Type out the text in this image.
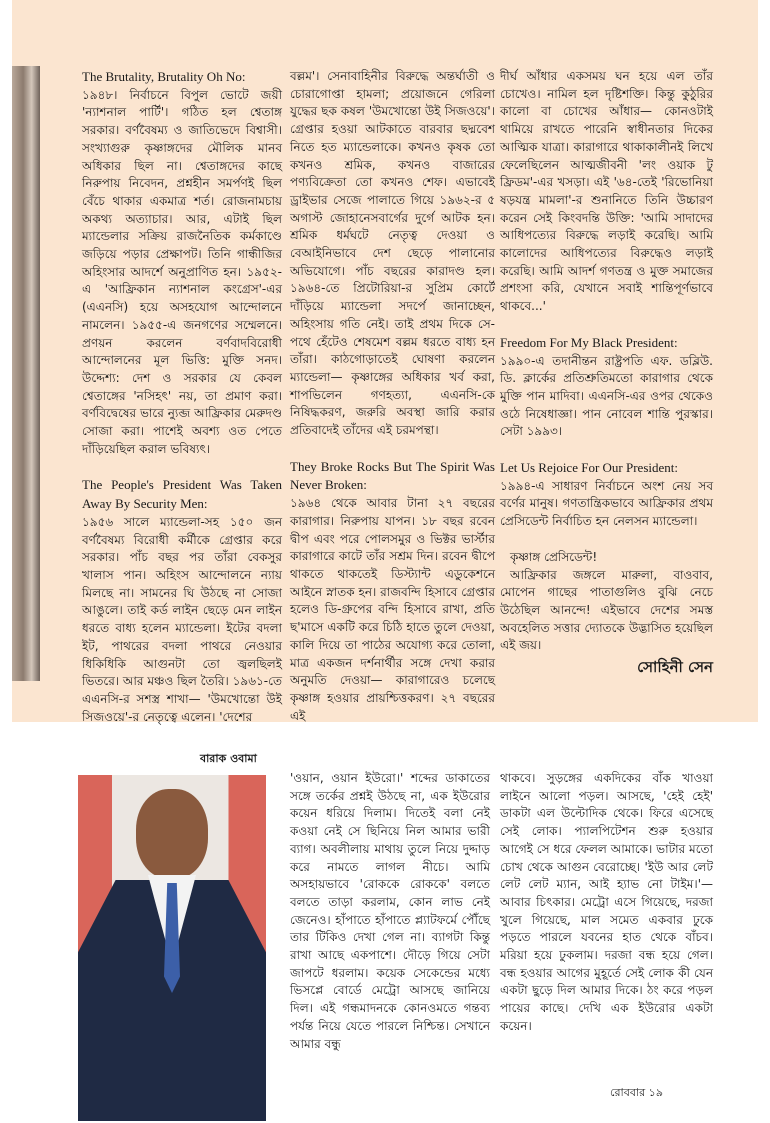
The Brutality, Brutality Oh No:

১৯৪৮। নির্বাচনে বিপুল ভোটে জয়ী 'ন্যাশনাল পার্টি'। গঠিত হল শ্বেতাঙ্গ সরকার। বর্ণবৈষম্য ও জাতিভেদে বিশ্বাসী। সংখ্যাগুরু কৃষ্ণাঙ্গদের মৌলিক মানব অধিকার ছিল না। শ্বেতাঙ্গদের কাছে নিরুপায় নিবেদন, প্রশ্নহীন সমর্পণই ছিল বেঁচে থাকার একমাত্র শর্ত। রোজনামচায় অকথ্য অত্যাচার। আর, এটাই ছিল ম্যান্ডেলার সক্রিয় রাজনৈতিক কর্মকাণ্ডে জড়িয়ে পড়ার প্রেক্ষাপট। তিনি গান্ধীজির অহিংসার আদর্শে অনুপ্রাণিত হন। ১৯৫২-এ 'আফ্রিকান ন্যাশনাল কংগ্রেস'-এর (এএনসি) হয়ে অসহযোগ আন্দোলনে নামলেন। ১৯৫৫-এ জনগণের সম্মেলনে। প্রণয়ন করলেন বর্ণবাদবিরোধী আন্দোলনের মূল ভিত্তি: মুক্তি সনদ। উদ্দেশ্য: দেশ ও সরকার যে কেবল শ্বেতাঙ্গের 'নসিহৎ' নয়, তা প্রমাণ করা। বর্ণবিদ্বেষের ভারে ন্যুব্জ আফ্রিকার মেরুদণ্ড সোজা করা। পাশেই অবশ্য ওত পেতে দাঁড়িয়েছিল করাল ভবিষ্যৎ।

The People's President Was Taken Away By Security Men:

১৯৫৬ সালে ম্যান্ডেলা-সহ ১৫০ জন বর্ণবৈষম্য বিরোধী কর্মীকে গ্রেপ্তার করে সরকার। পাঁচ বছর পর তাঁরা বেকসুর খালাস পান। অহিংস আন্দোলনে ন্যায় মিলছে না। সামনের ঘি উঠছে না সোজা আঙুলে। তাই কর্ড লাইন ছেড়ে মেন লাইন ধরতে বাধ্য হলেন ম্যান্ডেলা। ইটের বদলা ইট, পাথরের বদলা পাথরে নেওয়ার ধিকিধিকি আগুনটা তো জ্বলছিলই ভিতরে। আর মঞ্চও ছিল তৈরি। ১৯৬১-তে এএনসি-র সশস্ত্র শাখা— 'উমখোন্তো উই সিজওয়ে'-র নেতৃত্বে এলেন। 'দেশের

বল্লম'। সেনাবাহিনীর বিরুদ্ধে অন্তর্ঘাতী ও চোরাগোপ্তা হামলা; প্রয়োজনে গেরিলা যুদ্ধের ছক কষল 'উমখোন্তো উই সিজওয়ে'। গ্রেপ্তার হওয়া আটকাতে বারবার ছদ্মবেশ নিতে হত ম্যান্ডেলাকে। কখনও কৃষক তো কখনও শ্রমিক, কখনও বাজারের পণ্যবিক্রেতা তো কখনও শেফ। এভাবেই ড্রাইভার সেজে পালাতে গিয়ে ১৯৬২-র ৫ অগাস্ট জোহানেসবার্গের দুর্গে আটক হন। শ্রমিক ধর্মঘটে নেতৃত্ব দেওয়া ও বেআইনিভাবে দেশ ছেড়ে পালানোর অভিযোগে। পাঁচ বছরের কারাদণ্ড হল। ১৯৬৪-তে প্রিটোরিয়া-র সুপ্রিম কোর্টে দাঁড়িয়ে ম্যান্ডেলা সদর্পে জানাচ্ছেন, অহিংসায় গতি নেই। তাই প্রথম দিকে সে-পথে হেঁটেও শেষমেশ বল্লম ধরতে বাধ্য হন তাঁরা। কাঠগোড়াতেই ঘোষণা করলেন ম্যান্ডেলা— কৃষ্ণাঙ্গের অধিকার খর্ব করা, শাপভিলেন গণহত্যা, এএনসি-কে নিষিদ্ধকরণ, জরুরি অবস্থা জারি করার প্রতিবাদেই তাঁদের এই চরমপন্থা।

They Broke Rocks But The Spirit Was Never Broken:

১৯৬৪ থেকে আবার টানা ২৭ বছরের কারাগার। নিরুপায় যাপন। ১৮ বছর রবেন দ্বীপ এবং পরে পোলসমুর ও ভিক্টর ভার্স্টার কারাগারে কাটে তাঁর সশ্রম দিন। রবেন দ্বীপে থাকতে থাকতেই ডিস্ট্যান্ট এডুকেশনে আইনে স্নাতক হন। রাজবন্দি হিসাবে গ্রেপ্তার হলেও ডি-গ্রুপের বন্দি হিসাবে রাখা, প্রতি ছ'মাসে একটি করে চিঠি হাতে তুলে দেওয়া, কালি দিয়ে তা পাঠের অযোগ্য করে তোলা, মাত্র একজন দর্শনার্থীর সঙ্গে দেখা করার অনুমতি দেওয়া— কারাগারেও চলেছে কৃষ্ণাঙ্গ হওয়ার প্রায়শ্চিত্তকরণ। ২৭ বছরের এই

দীর্ঘ আঁধার একসময় ঘন হয়ে এল তাঁর চোখেও। নামিল হল দৃষ্টিশক্তি। কিন্তু কুঠুরির কালো বা চোখের আঁধার— কোনওটাই থামিয়ে রাখতে পারেনি স্বাধীনতার দিকের আত্মিক যাত্রা। কারাগারে থাকাকালীনই লিখে ফেলেছিলেন আত্মজীবনী 'লং ওয়াক টু ফ্রিডম'-এর খসড়া। এই '৬৪-তেই 'রিভোনিয়া ষড়যন্ত্র মামলা'-র শুনানিতে তিনি উচ্চারণ করেন সেই কিংবদন্তি উক্তি: 'আমি সাদাদের আধিপত্যের বিরুদ্ধে লড়াই করেছি। আমি কালোদের আধিপত্যের বিরুদ্ধেও লড়াই করেছি। আমি আদর্শ গণতন্ত্র ও মুক্ত সমাজের প্রশংসা করি, যেখানে সবাই শান্তিপূর্ণভাবে থাকবে...'

Freedom For My Black President:

১৯৯০-এ তদানীন্তন রাষ্ট্রপতি এফ. ডব্লিউ. ডি. ক্লার্কের প্রতিশ্রুতিমতো কারাগার থেকে মুক্তি পান মাদিবা। এএনসি-এর ওপর থেকেও ওঠে নিষেধাজ্ঞা। পান নোবেল শান্তি পুরস্কার। সেটা ১৯৯৩।

Let Us Rejoice For Our President:

১৯৯৪-এ সাধারণ নির্বাচনে অংশ নেয় সব বর্ণের মানুষ। গণতান্ত্রিকভাবে আফ্রিকার প্রথম প্রেসিডেন্ট নির্বাচিত হন নেলসন ম্যান্ডেলা।

কৃষ্ণাঙ্গ প্রেসিডেন্ট!

আফ্রিকার জঙ্গলে মারুলা, বাওবাব, মোপেন গাছের পাতাগুলিও বুঝি নেচে উঠেছিল আনন্দে! এইভাবে দেশের সমস্ত অবহেলিত সত্তার দ্যোতকে উদ্ভাসিত হয়েছিল এই জয়।

সোহিনী সেন
বারাক ওবামা

'ওয়ান, ওয়ান ইউরো।' শব্দের ডাকাতের সঙ্গে তর্কের প্রশ্নই উঠছে না, এক ইউরোর কয়েন ধরিয়ে দিলাম। দিতেই বলা নেই কওয়া নেই সে ছিনিয়ে নিল আমার ভারী ব্যাগ। অবলীলায় মাথায় তুলে নিয়ে দুদ্দাড় করে নামতে লাগল নীচে। আমি অসহায়ভাবে 'রোককে রোককে' বলতে বলতে তাড়া করলাম, কোন লাভ নেই জেনেও। হাঁপাতে হাঁপাতে প্ল্যাটফর্মে পৌঁছে তার টিকিও দেখা গেল না। ব্যাগটা কিন্তু রাখা আছে একপাশে। দৌড়ে গিয়ে সেটা জাপটে ধরলাম। কয়েক সেকেন্ডের মধ্যে ভিসপ্লে বোর্ডে মেট্রো আসছে জানিয়ে দিল। এই গন্ধমাদনকে কোনওমতে গন্তব্য পর্যন্ত নিয়ে যেতে পারলে নিশ্চিন্ত। সেখানে আমার বন্ধু

থাকবে। সুড়ঙ্গের একদিকের বাঁক খাওয়া লাইনে আলো পড়ল। আসছে, 'হেই হেই' ডাকটা এল উল্টোদিক থেকে। ফিরে এসেছে সেই লোক। প্যালপিটেশন শুরু হওয়ার আগেই সে ধরে ফেলল আমাকে। ভাটার মতো চোখ থেকে আগুন বেরোচ্ছে। 'ইউ আর লেট লেট লেট ম্যান, আই হ্যাভ নো টাইম।'— আবার চিৎকার। মেট্রো এসে গিয়েছে, দরজা খুলে গিয়েছে, মাল সমেত একবার ঢুকে পড়তে পারলে যবনের হাত থেকে বাঁচব। মরিয়া হয়ে ঢুকলাম। দরজা বন্ধ হয়ে গেল। বন্ধ হওয়ার আগের মুহূর্তে সেই লোক কী যেন একটা ছুড়ে দিল আমার দিকে। ঠং করে পড়ল পায়ের কাছে। দেখি এক ইউরোর একটা কয়েন।

রোববার ১৯
